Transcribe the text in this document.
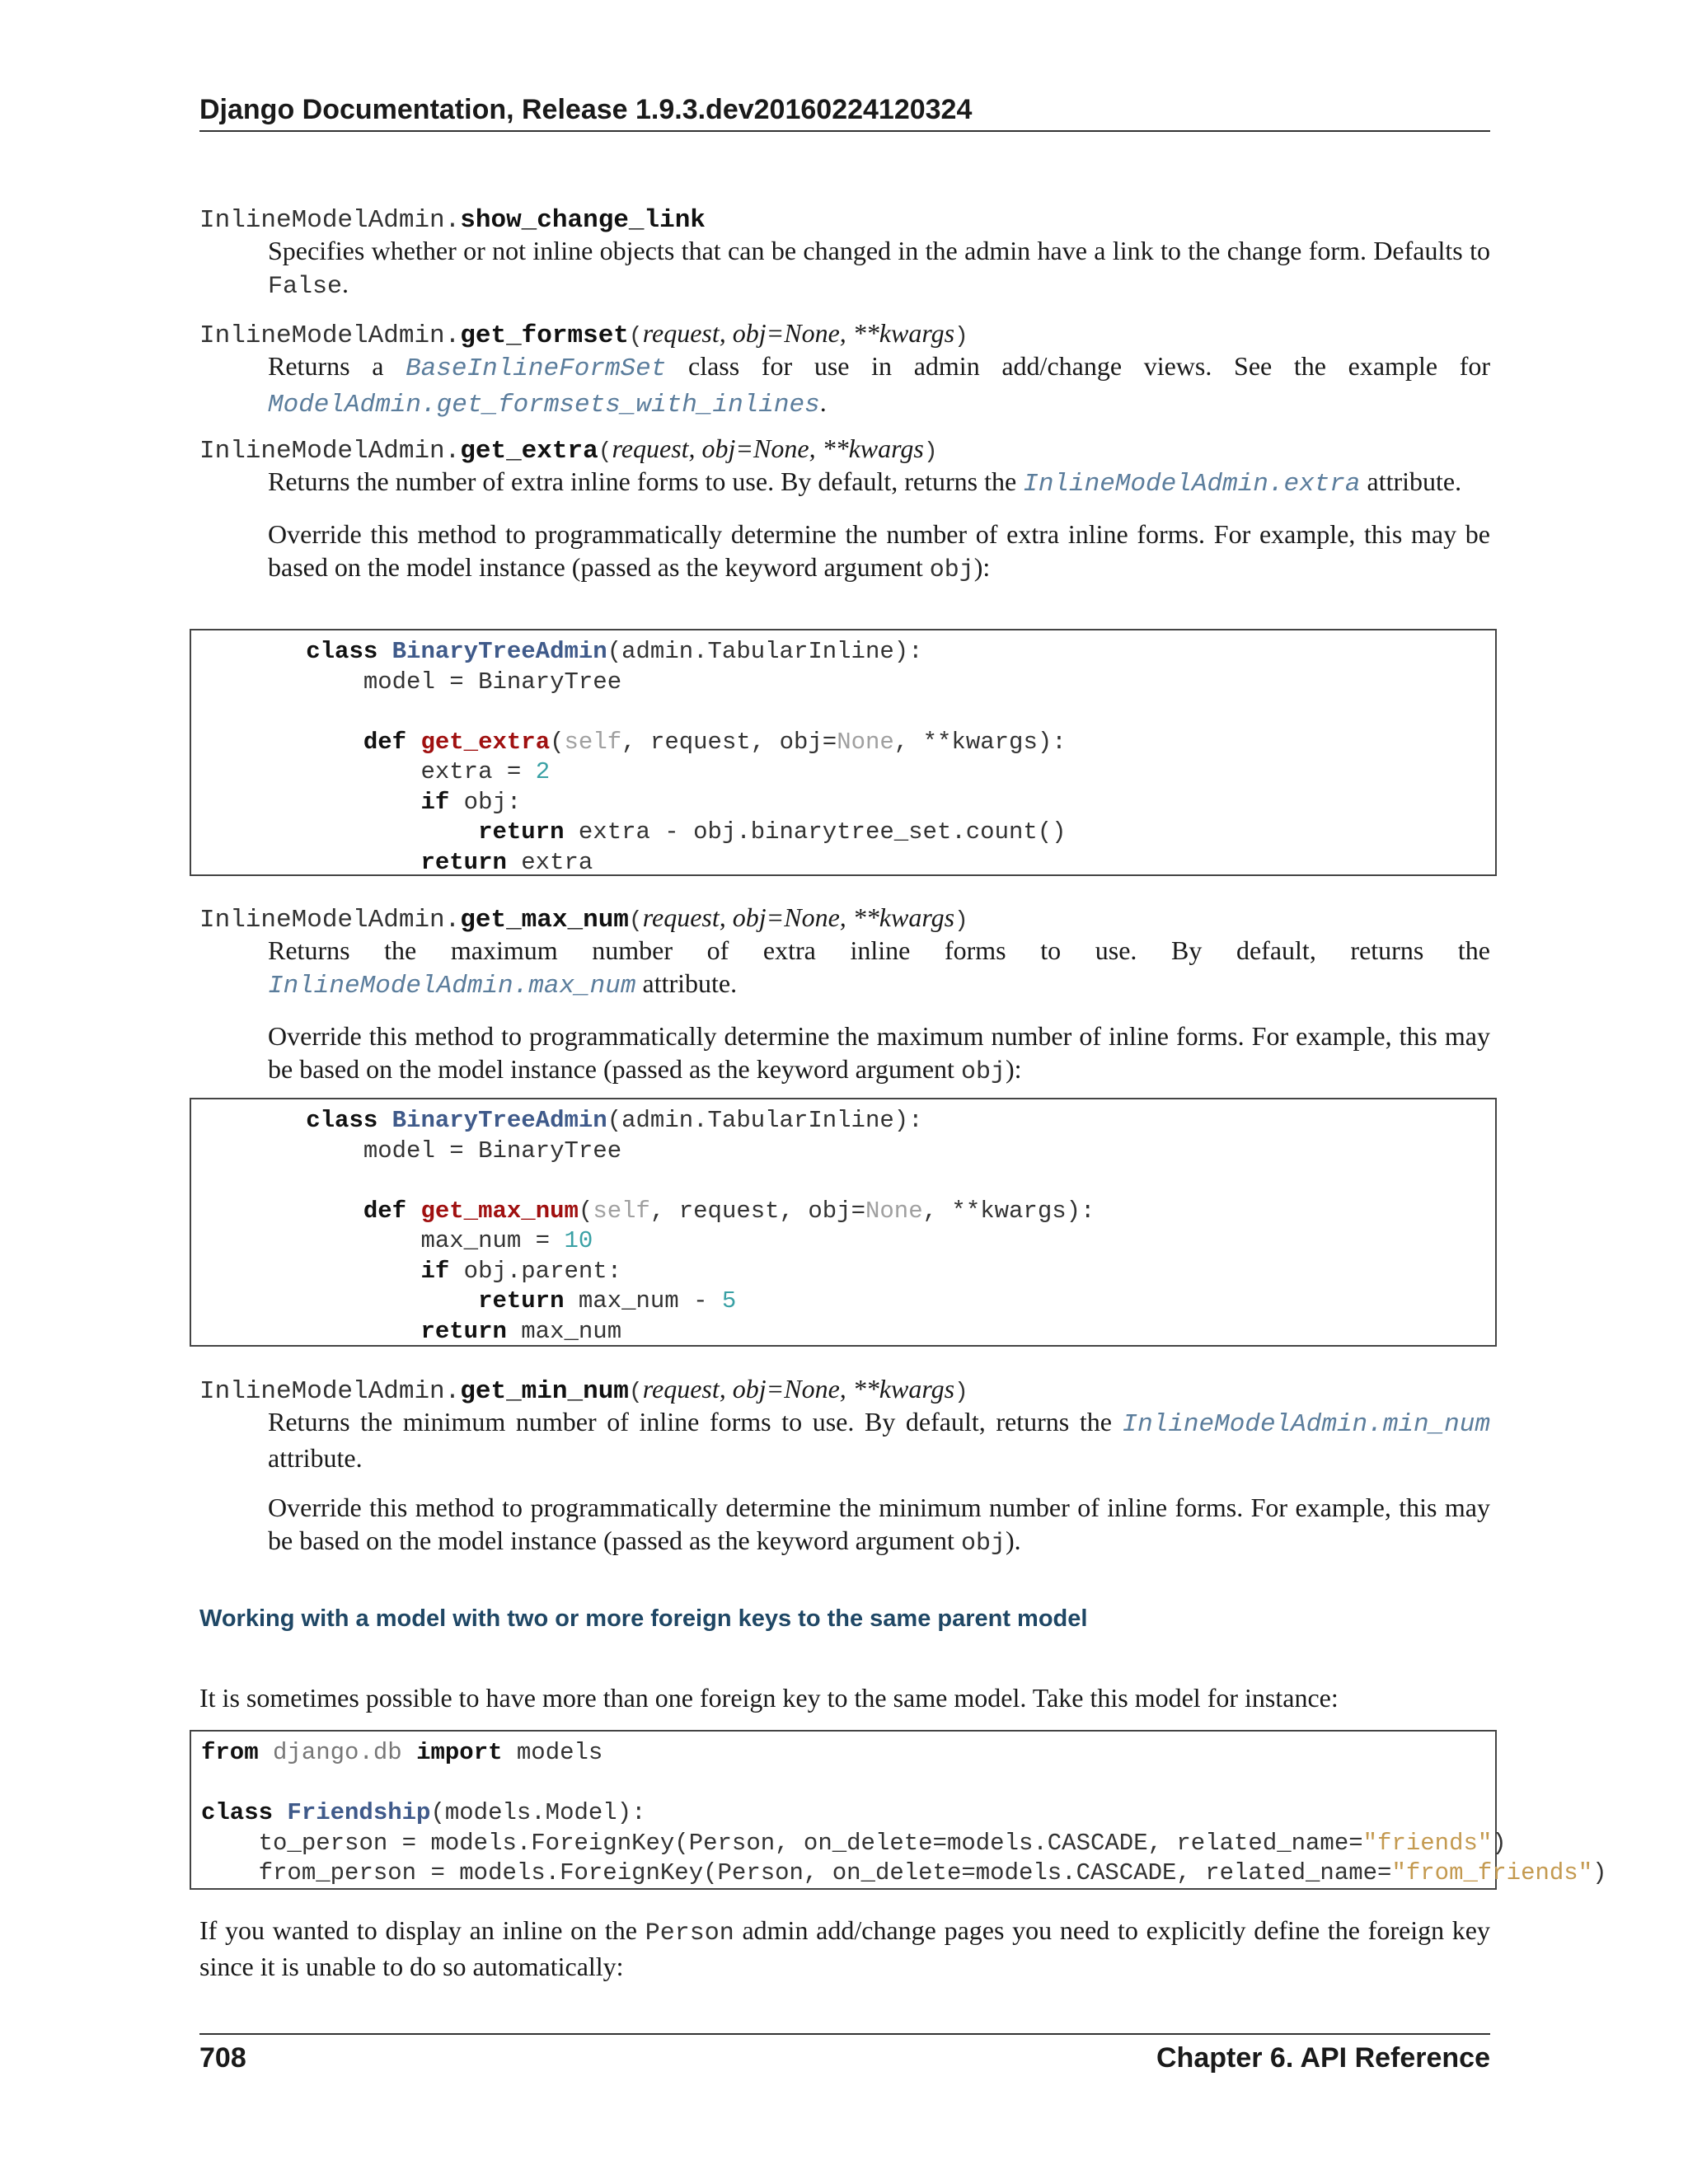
Django Documentation, Release 1.9.3.dev20160224120324
InlineModelAdmin.show_change_link

Specifies whether or not inline objects that can be changed in the admin have a link to the change form. Defaults to False.

InlineModelAdmin.get_formset(request, obj=None, **kwargs)

Returns a BaseInlineFormSet class for use in admin add/change views. See the example for ModelAdmin.get_formsets_with_inlines.

InlineModelAdmin.get_extra(request, obj=None, **kwargs)

Returns the number of extra inline forms to use. By default, returns the InlineModelAdmin.extra attribute.

Override this method to programmatically determine the number of extra inline forms. For example, this may be based on the model instance (passed as the keyword argument obj):

class BinaryTreeAdmin(admin.TabularInline):
model = BinaryTree

def get_extra(self, request, obj=None, **kwargs):
extra = 2
if obj:
return extra - obj.binarytree_set.count()
return extra
InlineModelAdmin.get_max_num(request, obj=None, **kwargs)

Returns the maximum number of extra inline forms to use. By default, returns the InlineModelAdmin.max_num attribute.

Override this method to programmatically determine the maximum number of inline forms. For example, this may be based on the model instance (passed as the keyword argument obj):

class BinaryTreeAdmin(admin.TabularInline):
model = BinaryTree

def get_max_num(self, request, obj=None, **kwargs):
max_num = 10
if obj.parent:
return max_num - 5
return max_num
InlineModelAdmin.get_min_num(request, obj=None, **kwargs)

Returns the minimum number of inline forms to use. By default, returns the InlineModelAdmin.min_num attribute.

Override this method to programmatically determine the minimum number of inline forms. For example, this may be based on the model instance (passed as the keyword argument obj).

Working with a model with two or more foreign keys to the same parent model

It is sometimes possible to have more than one foreign key to the same model. Take this model for instance:

from django.db import models

class Friendship(models.Model):
to_person = models.ForeignKey(Person, on_delete=models.CASCADE, related_name="friends")
from_person = models.ForeignKey(Person, on_delete=models.CASCADE, related_name="from_friends")

If you wanted to display an inline on the Person admin add/change pages you need to explicitly define the foreign key since it is unable to do so automatically:

708	Chapter 6. API Reference
